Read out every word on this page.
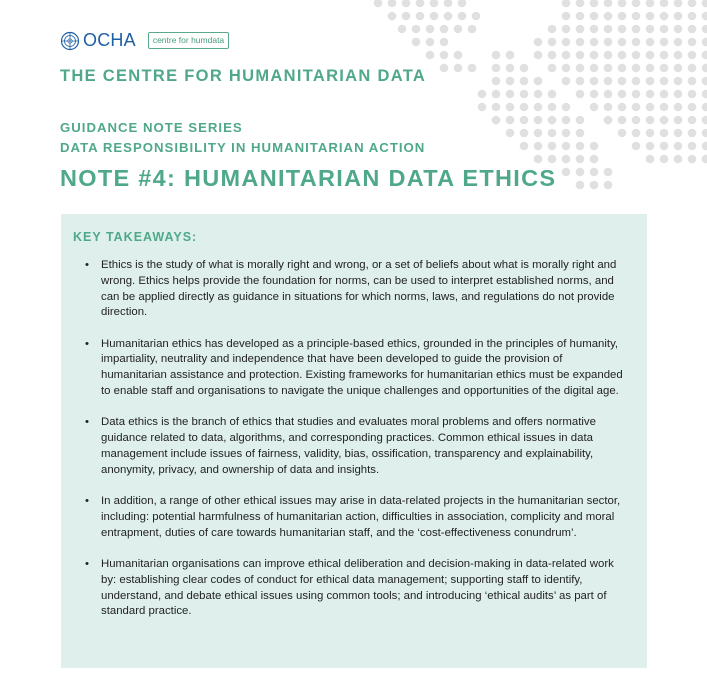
OCHA	centre for humdata
THE CENTRE FOR HUMANITARIAN DATA
GUIDANCE NOTE SERIES
DATA RESPONSIBILITY IN HUMANITARIAN ACTION
NOTE #4: HUMANITARIAN DATA ETHICS
KEY TAKEAWAYS:
• Ethics is the study of what is morally right and wrong, or a set of beliefs about what is morally right and wrong. Ethics helps provide the foundation for norms, can be used to interpret established norms, and can be applied directly as guidance in situations for which norms, laws, and regulations do not provide direction.
• Humanitarian ethics has developed as a principle-based ethics, grounded in the principles of humanity, impartiality, neutrality and independence that have been developed to guide the provision of humanitarian assistance and protection. Existing frameworks for humanitarian ethics must be expanded to enable staff and organisations to navigate the unique challenges and opportunities of the digital age.
• Data ethics is the branch of ethics that studies and evaluates moral problems and offers normative guidance related to data, algorithms, and corresponding practices. Common ethical issues in data management include issues of fairness, validity, bias, ossification, transparency and explainability, anonymity, privacy, and ownership of data and insights.
• In addition, a range of other ethical issues may arise in data-related projects in the humanitarian sector, including: potential harmfulness of humanitarian action, difficulties in association, complicity and moral entrapment, duties of care towards humanitarian staff, and the ‘cost-effectiveness conundrum’.
• Humanitarian organisations can improve ethical deliberation and decision-making in data-related work by: establishing clear codes of conduct for ethical data management; supporting staff to identify, understand, and debate ethical issues using common tools; and introducing ‘ethical audits’ as part of standard practice.
